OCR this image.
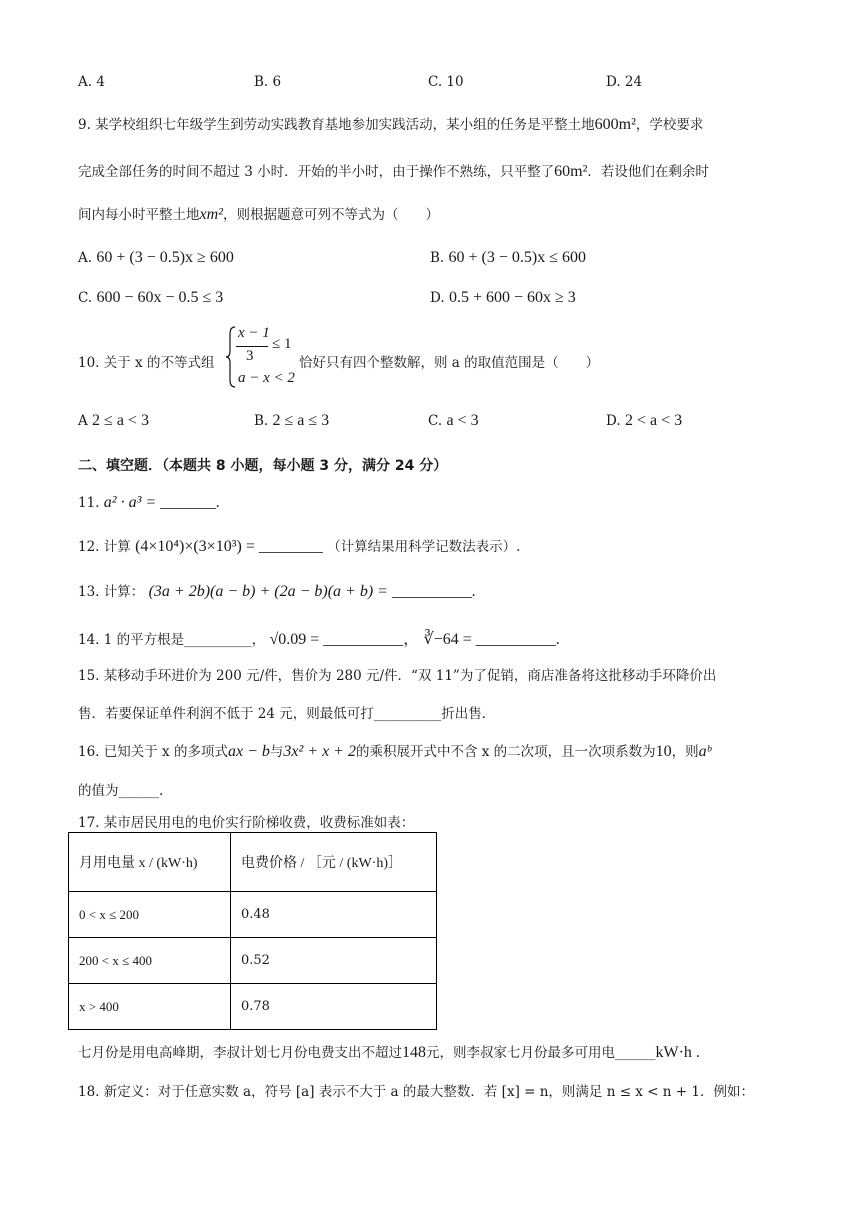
A. 4	B. 6	C. 10	D. 24
9. 某学校组织七年级学生到劳动实践教育基地参加实践活动，某小组的任务是平整土地600m²，学校要求
完成全部任务的时间不超过 3 小时．开始的半小时，由于操作不熟练，只平整了60m²．若设他们在剩余时
间内每小时平整土地xm²，则根据题意可列不等式为（　　）
A. 60 + (3 − 0.5)x ≥ 600	B. 60 + (3 − 0.5)x ≤ 600
C. 600 − 60x − 0.5 ≤ 3	D. 0.5 + 600 − 60x ≥ 3
10. 关于 x 的不等式组
x − 1
3
≤ 1
a − x < 2
恰好只有四个整数解，则 a 的取值范围是（　　）
A 2 ≤ a < 3	B. 2 ≤ a ≤ 3	C. a < 3	D. 2 < a < 3
二、填空题．（本题共 8 小题，每小题 3 分，满分 24 分）
11. a² · a³ = _______.
12. 计算 (4×10⁴)×(3×10³) = ________ （计算结果用科学记数法表示）.
13. 计算： (3a + 2b)(a − b) + (2a − b)(a + b) = __________.
14. 1 的平方根是__________， √0.09 = __________， ∛−64 = __________.
15. 某移动手环进价为 200 元/件，售价为 280 元/件．“双 11”为了促销，商店准备将这批移动手环降价出
售．若要保证单件利润不低于 24 元，则最低可打__________折出售．
16. 已知关于 x 的多项式ax − b与3x² + x + 2的乘积展开式中不含 x 的二次项，且一次项系数为10，则aᵇ
的值为______.
17. 某市居民用电的电价实行阶梯收费，收费标准如表：
月用电量 x / (kW·h)	电费价格 / ［元 / (kW·h)］
0 < x ≤ 200	0.48
200 < x ≤ 400	0.52
x > 400	0.78
七月份是用电高峰期，李叔计划七月份电费支出不超过148元，则李叔家七月份最多可用电______kW·h .
18. 新定义：对于任意实数 a，符号 [a] 表示不大于 a 的最大整数．若 [x] = n，则满足 n ≤ x < n + 1．例如：
